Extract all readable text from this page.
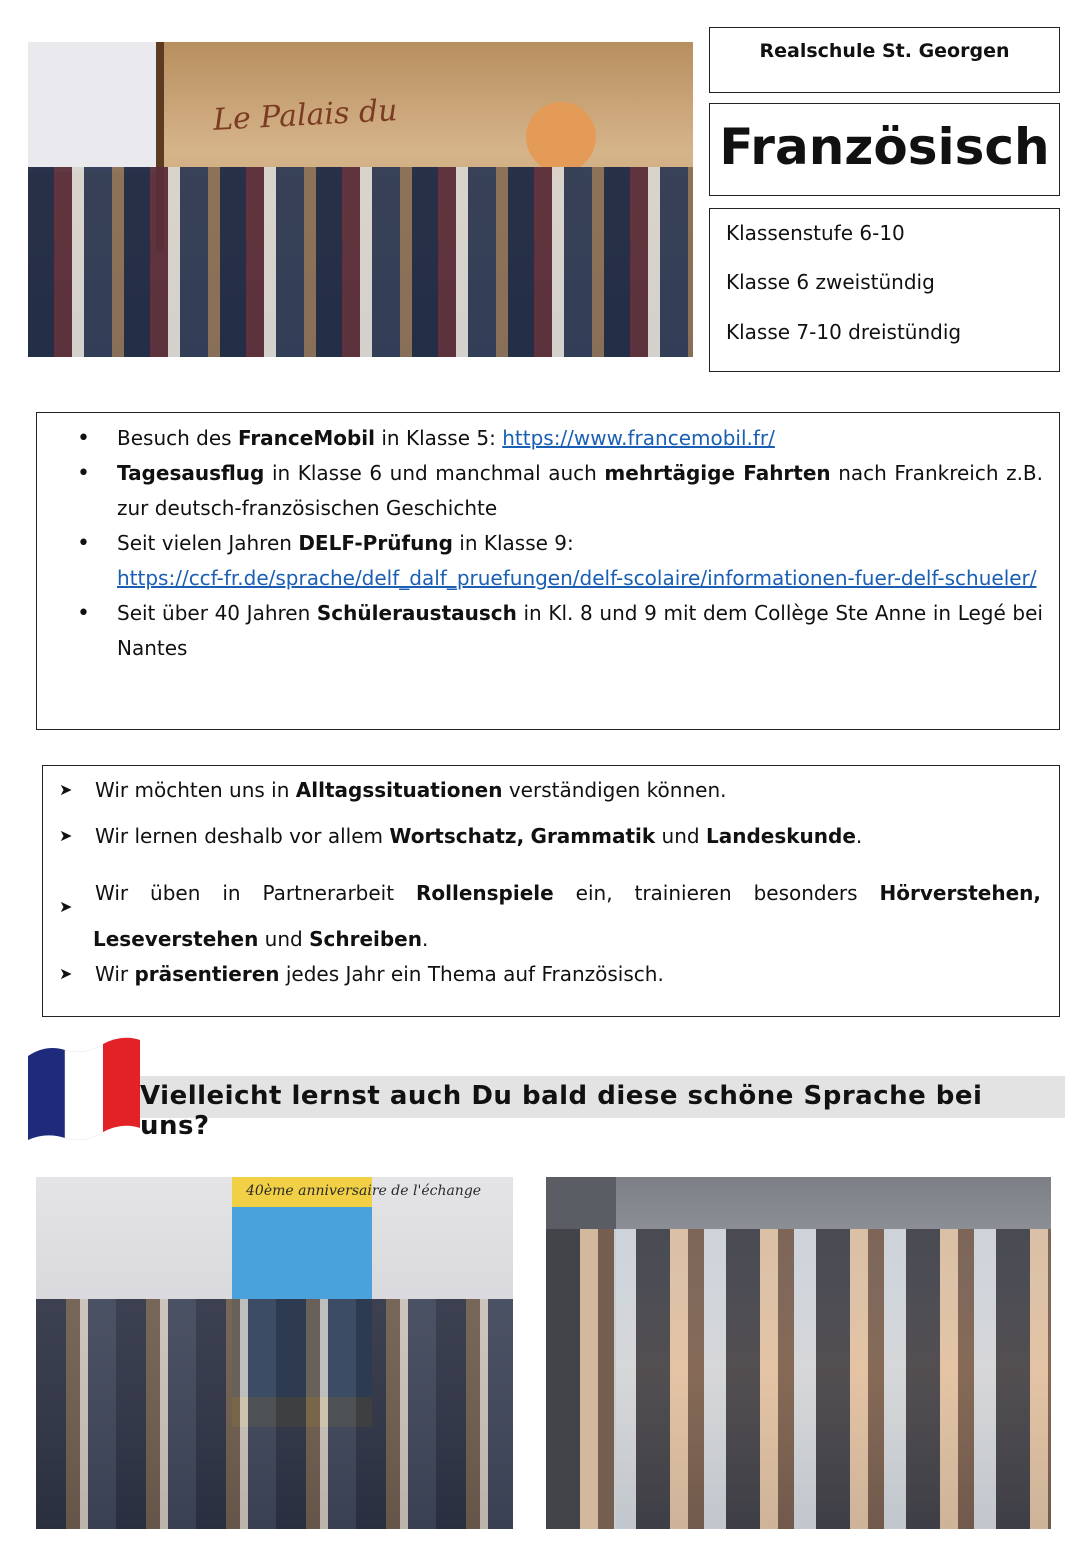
Le Palais du
Realschule St. Georgen
Französisch
Klassenstufe 6-10
Klasse 6 zweistündig
Klasse 7-10 dreistündig
• Besuch des FranceMobil in Klasse 5: https://www.francemobil.fr/
• Tagesausflug in Klasse 6 und manchmal auch mehrtägige Fahrten nach Frankreich z.B. zur deutsch-französischen Geschichte
• Seit vielen Jahren DELF-Prüfung in Klasse 9:
https://ccf-fr.de/sprache/delf_dalf_pruefungen/delf-scolaire/informationen-fuer-delf-schueler/
• Seit über 40 Jahren Schüleraustausch in Kl. 8 und 9 mit dem Collège Ste Anne in Legé bei Nantes
➤ Wir möchten uns in Alltagssituationen verständigen können.
➤ Wir lernen deshalb vor allem Wortschatz, Grammatik und Landeskunde.
➤
Wir üben in Partnerarbeit Rollenspiele ein, trainieren besonders Hörverstehen,
Leseverstehen und Schreiben.
➤ Wir präsentieren jedes Jahr ein Thema auf Französisch.
Vielleicht lernst auch Du bald diese schöne Sprache bei uns?
40ème anniversaire de l'échange
